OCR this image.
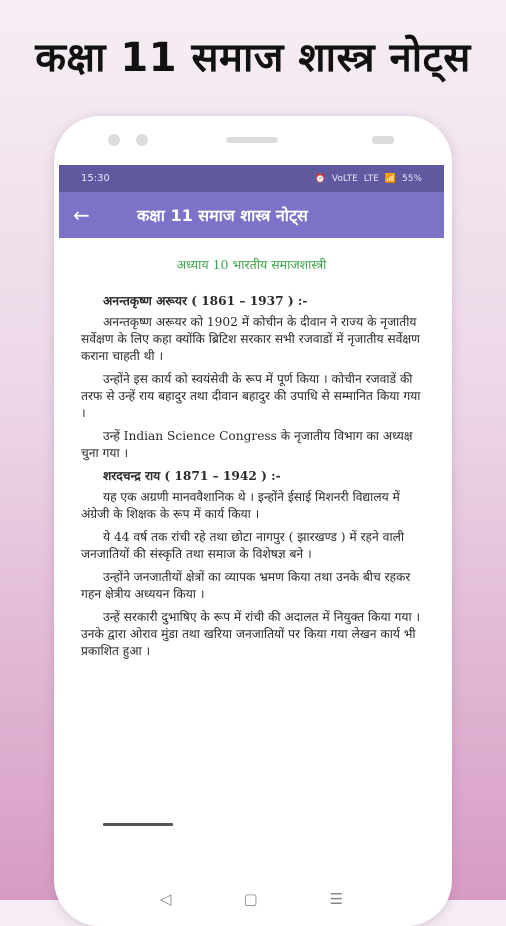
कक्षा 11 समाज शास्त्र नोट्स
15:30	⏰ VoLTE LTE 📶 55%
←	कक्षा 11 समाज शास्त्र नोट्स
अध्याय 10 भारतीय समाजशास्त्री
अनन्तकृष्ण अरूयर ( 1861 – 1937 ) :-

अनन्तकृष्ण अरूयर को 1902 में कोचीन के दीवान ने राज्य के नृजातीय सर्वेक्षण के लिए कहा क्योंकि ब्रिटिश सरकार सभी रजवाडों में नृजातीय सर्वेक्षण कराना चाहती थी ।

उन्होंने इस कार्य को स्वयंसेवी के रूप में पूर्ण किया । कोचीन रजवाडें की तरफ से उन्हें राय बहादुर तथा दीवान बहादुर की उपाधि से सम्मानित किया गया ।

उन्हें Indian Science Congress के नृजातीय विभाग का अध्यक्ष चुना गया ।

शरदचन्द्र राय ( 1871 – 1942 ) :-

यह एक अग्रणी मानववैशानिक थे । इन्होंने ईसाई मिशनरी विद्यालय में अंग्रेजी के शिक्षक के रूप में कार्य किया ।

ये 44 वर्ष तक रांची रहे तथा छोटा नागपुर ( झारखण्ड ) में रहने वाली जनजातियों की संस्कृति तथा समाज के विशेषज्ञ बने ।

उन्होंने जनजातीयों क्षेत्रों का व्यापक भ्रमण किया तथा उनके बीच रहकर गहन क्षेत्रीय अध्ययन किया ।

उन्हें सरकारी दुभाषिए के रूप में रांची की अदालत में नियुक्त किया गया । उनके द्वारा ओराव मुंडा तथा खरिया जनजातियों पर किया गया लेखन कार्य भी प्रकाशित हुआ ।

◁	▢	☰
